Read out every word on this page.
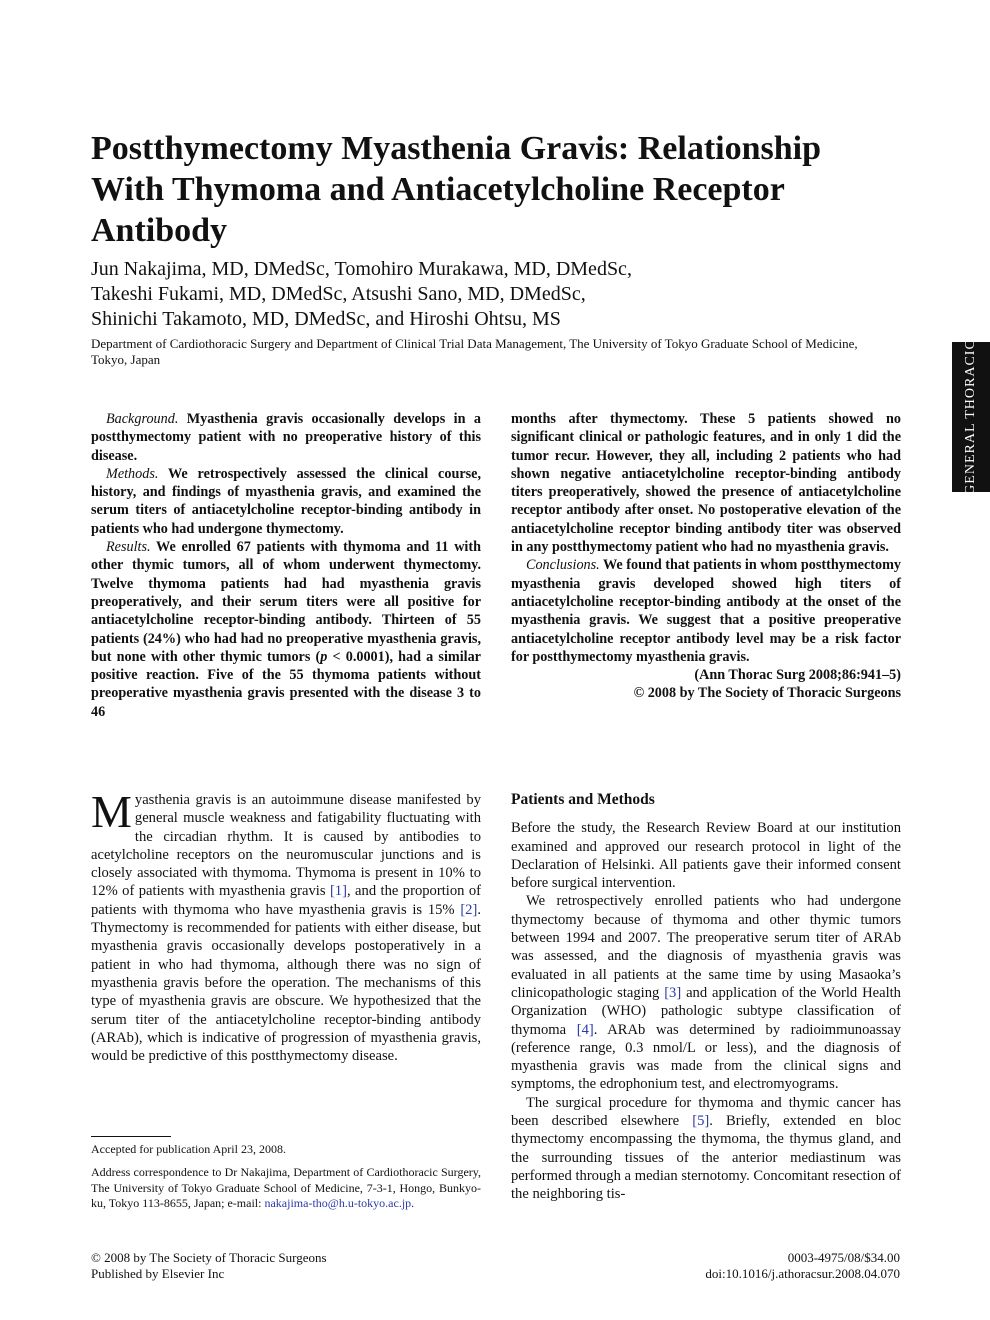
Postthymectomy Myasthenia Gravis: Relationship With Thymoma and Antiacetylcholine Receptor Antibody
Jun Nakajima, MD, DMedSc, Tomohiro Murakawa, MD, DMedSc,
Takeshi Fukami, MD, DMedSc, Atsushi Sano, MD, DMedSc,
Shinichi Takamoto, MD, DMedSc, and Hiroshi Ohtsu, MS
Department of Cardiothoracic Surgery and Department of Clinical Trial Data Management, The University of Tokyo Graduate School of Medicine, Tokyo, Japan	GENERAL THORACIC

Background. Myasthenia gravis occasionally develops in a postthymectomy patient with no preoperative history of this disease.

Methods. We retrospectively assessed the clinical course, history, and findings of myasthenia gravis, and examined the serum titers of antiacetylcholine receptor-binding antibody in patients who had undergone thymectomy.

Results. We enrolled 67 patients with thymoma and 11 with other thymic tumors, all of whom underwent thymectomy. Twelve thymoma patients had had myasthenia gravis preoperatively, and their serum titers were all positive for antiacetylcholine receptor-binding antibody. Thirteen of 55 patients (24%) who had had no preoperative myasthenia gravis, but none with other thymic tumors (p < 0.0001), had a similar positive reaction. Five of the 55 thymoma patients without preoperative myasthenia gravis presented with the disease 3 to 46

months after thymectomy. These 5 patients showed no significant clinical or pathologic features, and in only 1 did the tumor recur. However, they all, including 2 patients who had shown negative antiacetylcholine receptor-binding antibody titers preoperatively, showed the presence of antiacetylcholine receptor antibody after onset. No postoperative elevation of the antiacetylcholine receptor binding antibody titer was observed in any postthymectomy patient who had no myasthenia gravis.

Conclusions. We found that patients in whom postthymectomy myasthenia gravis developed showed high titers of antiacetylcholine receptor-binding antibody at the onset of the myasthenia gravis. We suggest that a positive preoperative antiacetylcholine receptor antibody level may be a risk factor for postthymectomy myasthenia gravis.

(Ann Thorac Surg 2008;86:941–5)

© 2008 by The Society of Thoracic Surgeons

Myasthenia gravis is an autoimmune disease manifested by general muscle weakness and fatigability fluctuating with the circadian rhythm. It is caused by antibodies to acetylcholine receptors on the neuromuscular junctions and is closely associated with thymoma. Thymoma is present in 10% to 12% of patients with myasthenia gravis [1], and the proportion of patients with thymoma who have myasthenia gravis is 15% [2]. Thymectomy is recommended for patients with either disease, but myasthenia gravis occasionally develops postoperatively in a patient in who had thymoma, although there was no sign of myasthenia gravis before the operation. The mechanisms of this type of myasthenia gravis are obscure. We hypothesized that the serum titer of the antiacetylcholine receptor-binding antibody (ARAb), which is indicative of progression of myasthenia gravis, would be predictive of this postthymectomy disease.

Patients and Methods

Before the study, the Research Review Board at our institution examined and approved our research protocol in light of the Declaration of Helsinki. All patients gave their informed consent before surgical intervention.

We retrospectively enrolled patients who had undergone thymectomy because of thymoma and other thymic tumors between 1994 and 2007. The preoperative serum titer of ARAb was assessed, and the diagnosis of myasthenia gravis was evaluated in all patients at the same time by using Masaoka’s clinicopathologic staging [3] and application of the World Health Organization (WHO) pathologic subtype classification of thymoma [4]. ARAb was determined by radioimmunoassay (reference range, 0.3 nmol/L or less), and the diagnosis of myasthenia gravis was made from the clinical signs and symptoms, the edrophonium test, and electromyograms.

The surgical procedure for thymoma and thymic cancer has been described elsewhere [5]. Briefly, extended en bloc thymectomy encompassing the thymoma, the thymus gland, and the surrounding tissues of the anterior mediastinum was performed through a median sternotomy. Concomitant resection of the neighboring tis-

Accepted for publication April 23, 2008.

Address correspondence to Dr Nakajima, Department of Cardiothoracic Surgery, The University of Tokyo Graduate School of Medicine, 7-3-1, Hongo, Bunkyo-ku, Tokyo 113-8655, Japan; e-mail: nakajima-tho@h.u-tokyo.ac.jp.

© 2008 by The Society of Thoracic Surgeons
Published by Elsevier Inc
0003-4975/08/$34.00
doi:10.1016/j.athoracsur.2008.04.070
